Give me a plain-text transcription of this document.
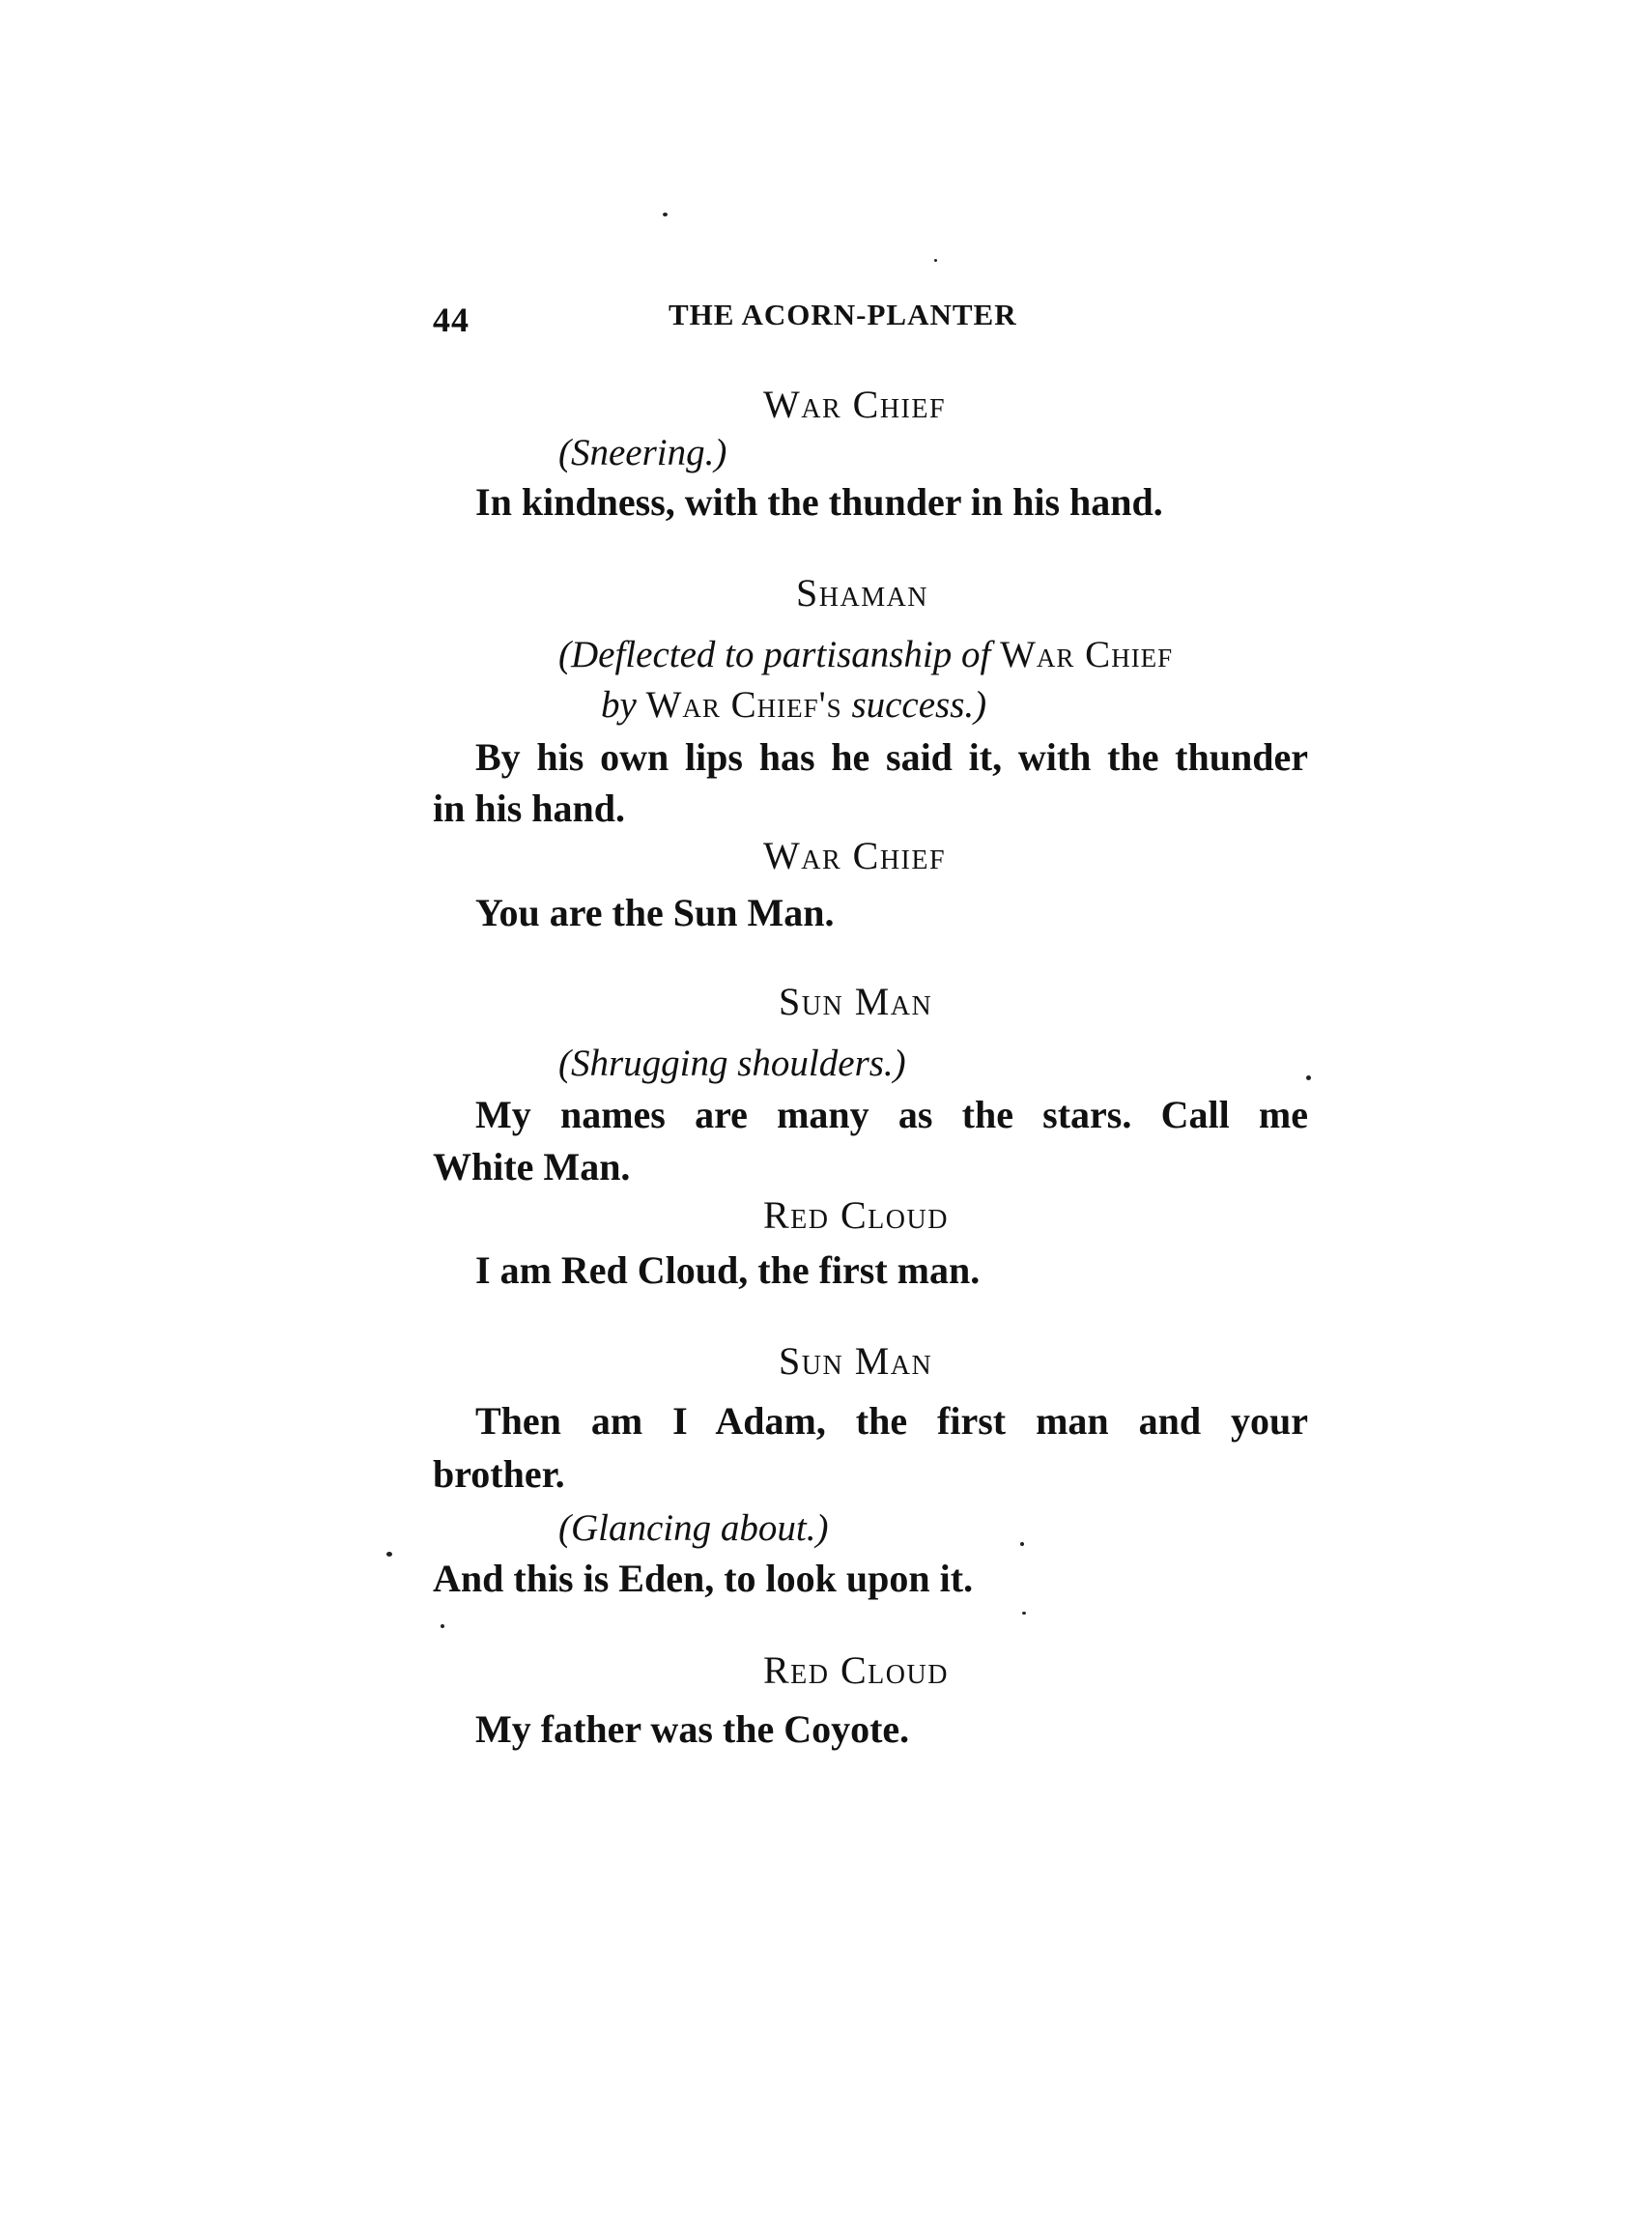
44	THE ACORN-PLANTER
War Chief
(Sneering.)
In kindness, with the thunder in his hand.
Shaman
(Deflected to partisanship of War Chief
by War Chief's success.)
By his own lips has he said it, with the thunder
in his hand.
War Chief
You are the Sun Man.
Sun Man
(Shrugging shoulders.)
My names are many as the stars. Call me
White Man.
Red Cloud
I am Red Cloud, the first man.
Sun Man
Then am I Adam, the first man and your
brother.
(Glancing about.)
And this is Eden, to look upon it.
Red Cloud
My father was the Coyote.
